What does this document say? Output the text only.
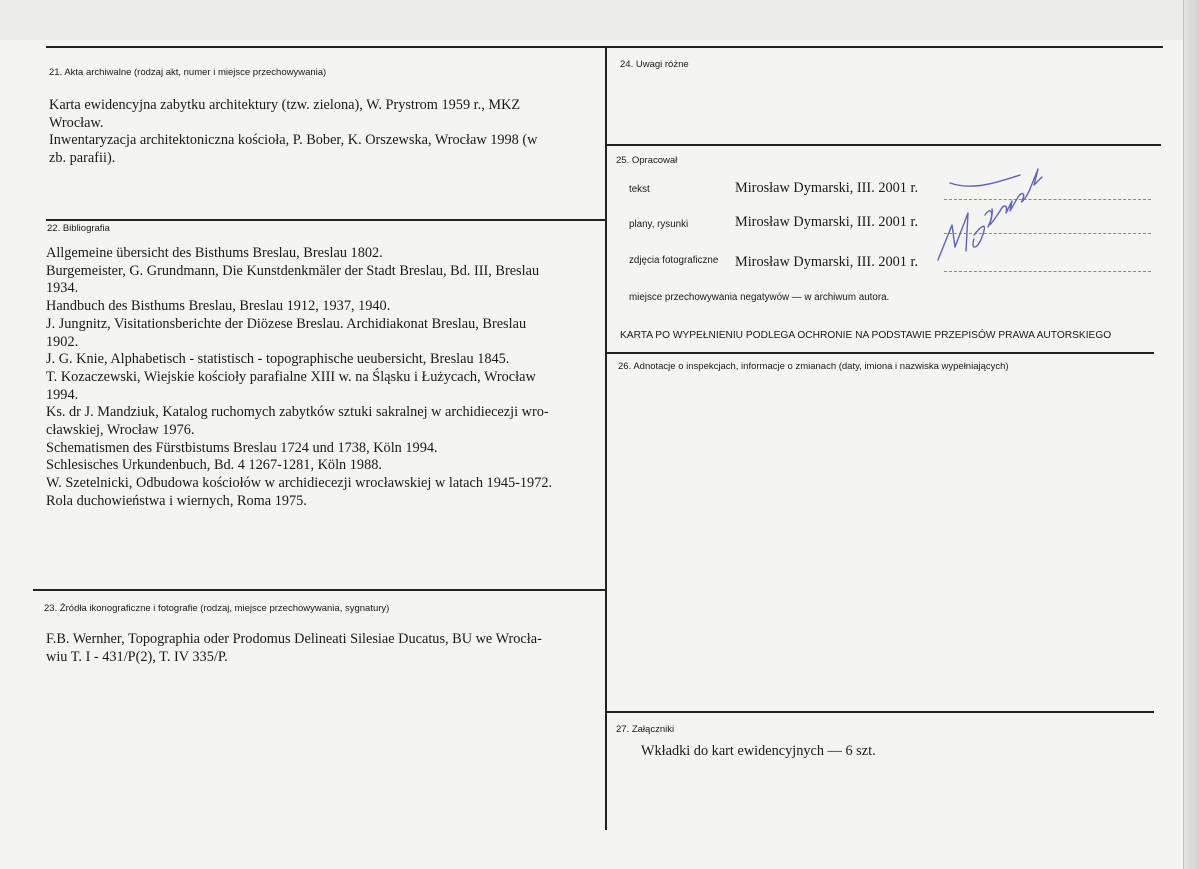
21. Akta archiwalne (rodzaj akt, numer i miejsce przechowywania)
Karta ewidencyjna zabytku architektury (tzw. zielona), W. Prystrom 1959 r., MKZ
Wrocław.
Inwentaryzacja architektoniczna kościoła, P. Bober, K. Orszewska, Wrocław 1998 (w
zb. parafii).
22. Bibliografia
Allgemeine übersicht des Bisthums Breslau, Breslau 1802.
Burgemeister, G. Grundmann, Die Kunstdenkmäler der Stadt Breslau, Bd. III, Breslau
1934.
Handbuch des Bisthums Breslau, Breslau 1912, 1937, 1940.
J. Jungnitz, Visitationsberichte der Diözese Breslau. Archidiakonat Breslau, Breslau
1902.
J. G. Knie, Alphabetisch - statistisch - topographische ueubersicht, Breslau 1845.
T. Kozaczewski, Wiejskie kościoły parafialne XIII w. na Śląsku i Łużycach, Wrocław
1994.
Ks. dr J. Mandziuk, Katalog ruchomych zabytków sztuki sakralnej w archidiecezji wro-
cławskiej, Wrocław 1976.
Schematismen des Fürstbistums Breslau 1724 und 1738, Köln 1994.
Schlesisches Urkundenbuch, Bd. 4 1267-1281, Köln 1988.
W. Szetelnicki, Odbudowa kościołów w archidiecezji wrocławskiej w latach 1945-1972.
Rola duchowieństwa i wiernych, Roma 1975.
23. Źródła ikonograficzne i fotografie (rodzaj, miejsce przechowywania, sygnatury)
F.B. Wernher, Topographia oder Prodomus Delineati Silesiae Ducatus, BU we Wrocła-
wiu T. I - 431/P(2), T. IV 335/P.
24. Uwagi różne
25. Opracował
tekst	Mirosław Dymarski, III. 2001 r.
plany, rysunki	Mirosław Dymarski, III. 2001 r.
zdjęcia fotograficzne Mirosław Dymarski, III. 2001 r.
miejsce przechowywania negatywów — w archiwum autora.
KARTA PO WYPEŁNIENIU PODLEGA OCHRONIE NA PODSTAWIE PRZEPISÓW PRAWA AUTORSKIEGO
26. Adnotacje o inspekcjach, informacje o zmianach (daty, imiona i nazwiska wypełniających)
27. Załączniki
Wkładki do kart ewidencyjnych — 6 szt.
